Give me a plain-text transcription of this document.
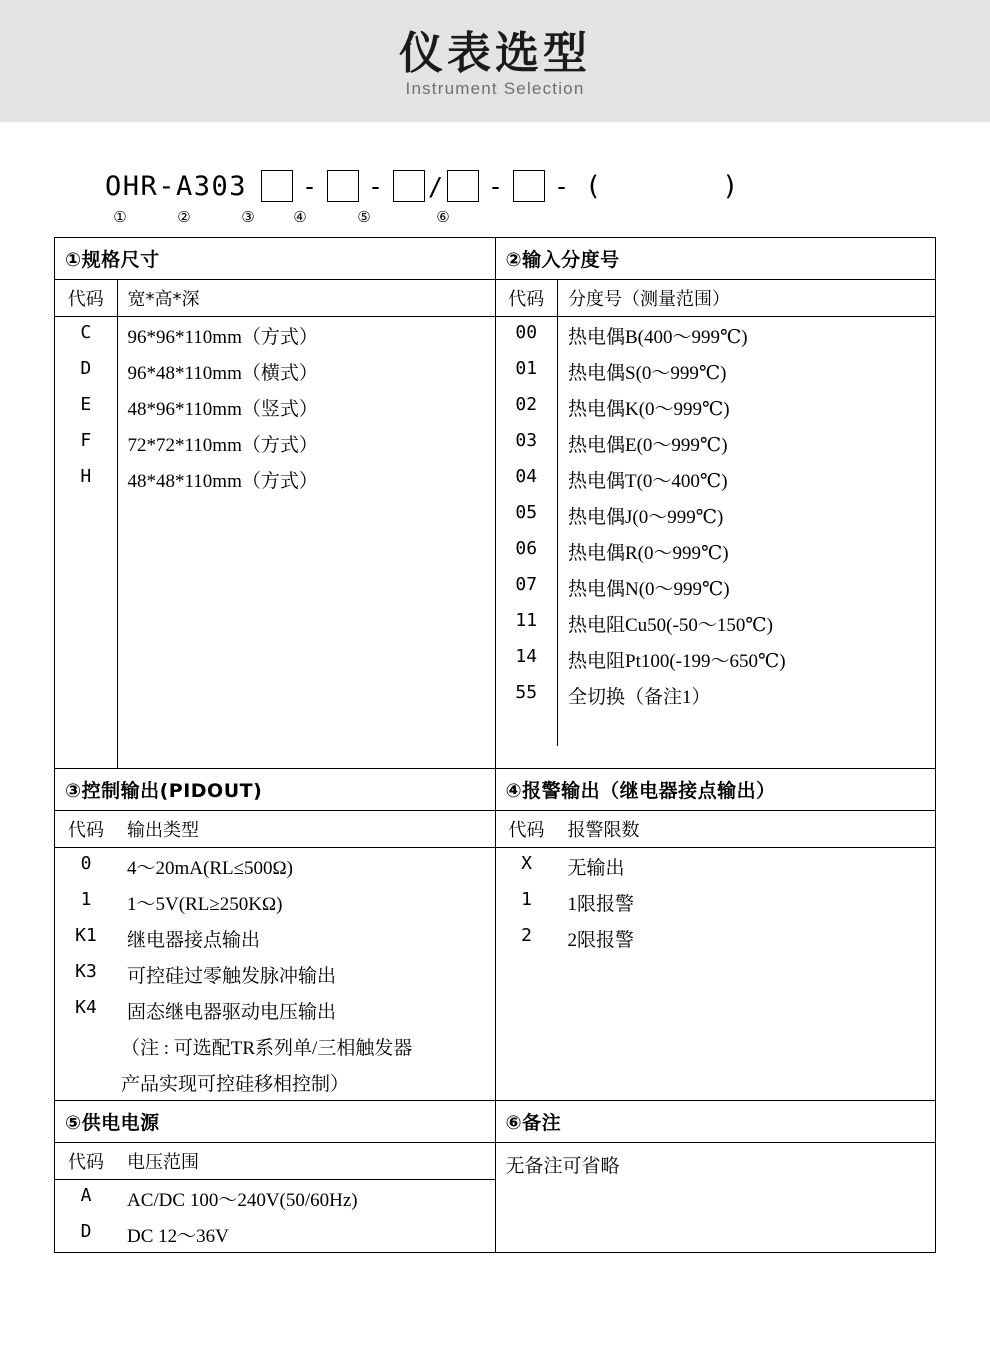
仪表选型
Instrument Selection
OHR-A303	-	-	/	-	- (   )
①	②	③	④	⑤	⑥
①规格尺寸	②输入分度号

代码	宽*高*深
C	96*96*110mm（方式）
D	96*48*110mm（横式）
E	48*96*110mm（竖式）
F	72*72*110mm（方式）
H	48*48*110mm（方式）

代码	分度号（测量范围）
00	热电偶B(400～999℃)
01	热电偶S(0～999℃)
02	热电偶K(0～999℃)
03	热电偶E(0～999℃)
04	热电偶T(0～400℃)
05	热电偶J(0～999℃)
06	热电偶R(0～999℃)
07	热电偶N(0～999℃)
11	热电阻Cu50(-50～150℃)
14	热电阻Pt100(-199～650℃)
55	全切换（备注1）

③控制输出(PIDOUT)	④报警输出（继电器接点输出）

代码	输出类型
0	4～20mA(RL≤500Ω)
1	1～5V(RL≥250KΩ)
K1	继电器接点输出
K3	可控硅过零触发脉冲输出
K4	固态继电器驱动电压输出
	（注 : 可选配TR系列单/三相触发器
	产品实现可控硅移相控制）

代码	报警限数
X	无输出
1	1限报警
2	2限报警

⑤供电电源	⑥备注

代码	电压范围
A	AC/DC 100～240V(50/60Hz)
D	DC 12～36V

无备注可省略
